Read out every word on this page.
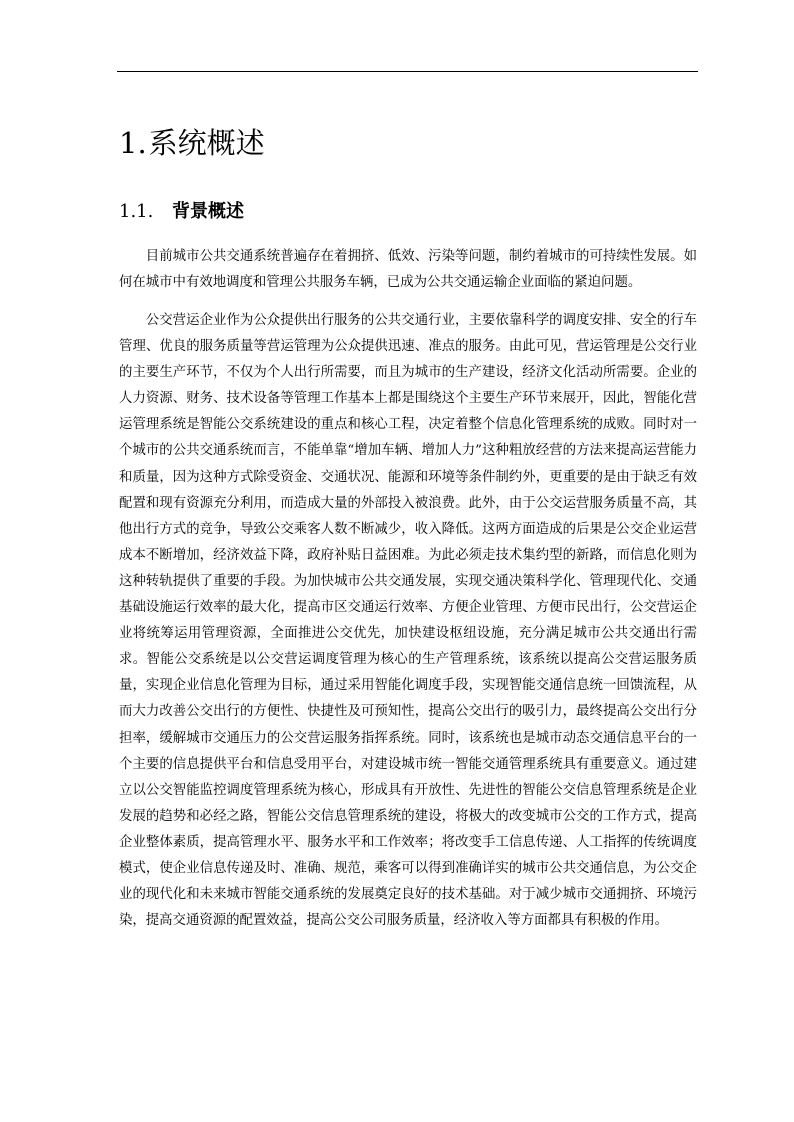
1.系统概述
1.1. 背景概述

目前城市公共交通系统普遍存在着拥挤、低效、污染等问题，制约着城市的可持续性发展。如何在城市中有效地调度和管理公共服务车辆，已成为公共交通运输企业面临的紧迫问题。

公交营运企业作为公众提供出行服务的公共交通行业，主要依靠科学的调度安排、安全的行车管理、优良的服务质量等营运管理为公众提供迅速、准点的服务。由此可见，营运管理是公交行业的主要生产环节，不仅为个人出行所需要，而且为城市的生产建设，经济文化活动所需要。企业的人力资源、财务、技术设备等管理工作基本上都是围绕这个主要生产环节来展开，因此，智能化营运管理系统是智能公交系统建设的重点和核心工程，决定着整个信息化管理系统的成败。同时对一个城市的公共交通系统而言，不能单靠“增加车辆、增加人力”这种粗放经营的方法来提高运营能力和质量，因为这种方式除受资金、交通状况、能源和环境等条件制约外，更重要的是由于缺乏有效配置和现有资源充分利用，而造成大量的外部投入被浪费。此外，由于公交运营服务质量不高，其他出行方式的竞争，导致公交乘客人数不断减少，收入降低。这两方面造成的后果是公交企业运营成本不断增加，经济效益下降，政府补贴日益困难。为此必须走技术集约型的新路，而信息化则为这种转轨提供了重要的手段。为加快城市公共交通发展，实现交通决策科学化、管理现代化、交通基础设施运行效率的最大化，提高市区交通运行效率、方便企业管理、方便市民出行，公交营运企业将统筹运用管理资源，全面推进公交优先，加快建设枢纽设施，充分满足城市公共交通出行需求。智能公交系统是以公交营运调度管理为核心的生产管理系统，该系统以提高公交营运服务质量，实现企业信息化管理为目标，通过采用智能化调度手段，实现智能交通信息统一回馈流程，从而大力改善公交出行的方便性、快捷性及可预知性，提高公交出行的吸引力，最终提高公交出行分担率，缓解城市交通压力的公交营运服务指挥系统。同时，该系统也是城市动态交通信息平台的一个主要的信息提供平台和信息受用平台，对建设城市统一智能交通管理系统具有重要意义。通过建立以公交智能监控调度管理系统为核心，形成具有开放性、先进性的智能公交信息管理系统是企业发展的趋势和必经之路，智能公交信息管理系统的建设，将极大的改变城市公交的工作方式，提高企业整体素质，提高管理水平、服务水平和工作效率；将改变手工信息传递、人工指挥的传统调度模式，使企业信息传递及时、准确、规范，乘客可以得到准确详实的城市公共交通信息，为公交企业的现代化和未来城市智能交通系统的发展奠定良好的技术基础。对于减少城市交通拥挤、环境污染，提高交通资源的配置效益，提高公交公司服务质量，经济收入等方面都具有积极的作用。
